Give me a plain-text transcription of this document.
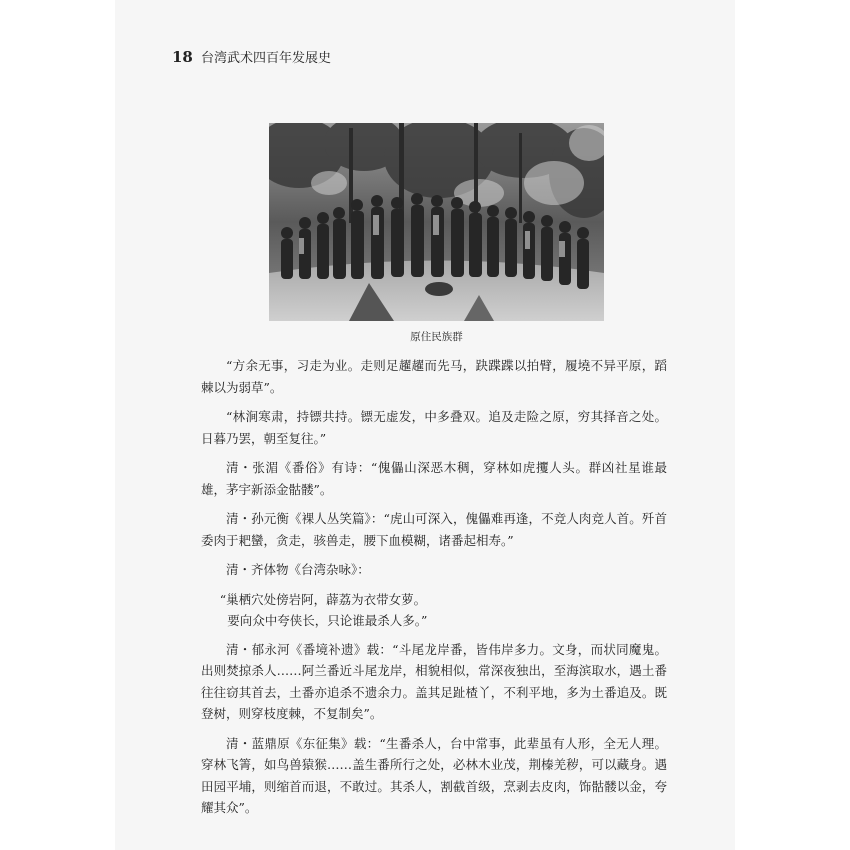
18 台湾武术四百年发展史
原住民族群

“方余无事，习走为业。走则足趯趯而先马，趹蹀蹀以拍臂，履墝不异平原，蹈棘以为弱草”。

“林涧寒肃，持镖共持。镖无虚发，中多叠双。追及走险之原，穷其择音之处。日暮乃罢，朝至复往。”

清・张湄《番俗》有诗：“傀儡山深恶木稠，穿林如虎攫人头。群凶社星谁最雄，茅宇新添金骷髅”。

清・孙元衡《裸人丛笑篇》：“虎山可深入，傀儡难再逢，不竞人肉竞人首。歼首委肉于耙蠻，贪走，骇兽走，腰下血模糊，诸番起相寿。”

清・齐体物《台湾杂咏》：

“巢栖穴处傍岩阿，薜荔为衣带女萝。
要向众中夸侠长，只论谁最杀人多。”

清・郁永河《番境补遗》载：“斗尾龙岸番，皆伟岸多力。文身，而状同魔鬼。出则焚掠杀人……阿兰番近斗尾龙岸，相貌相似，常深夜独出，至海滨取水，遇土番往往窃其首去，土番亦追杀不遗余力。盖其足趾楂丫，不利平地，多为土番追及。既登树，则穿枝度棘，不复制矣”。

清・蓝鼎原《东征集》载：“生番杀人，台中常事，此辈虽有人形，全无人理。穿林飞箐，如鸟兽猿猴……盖生番所行之处，必林木业茂，荆榛羌秽，可以藏身。遇田园平埔，则缩首而退，不敢过。其杀人，割截首级，烹剥去皮肉，饰骷髅以金，夸耀其众”。
